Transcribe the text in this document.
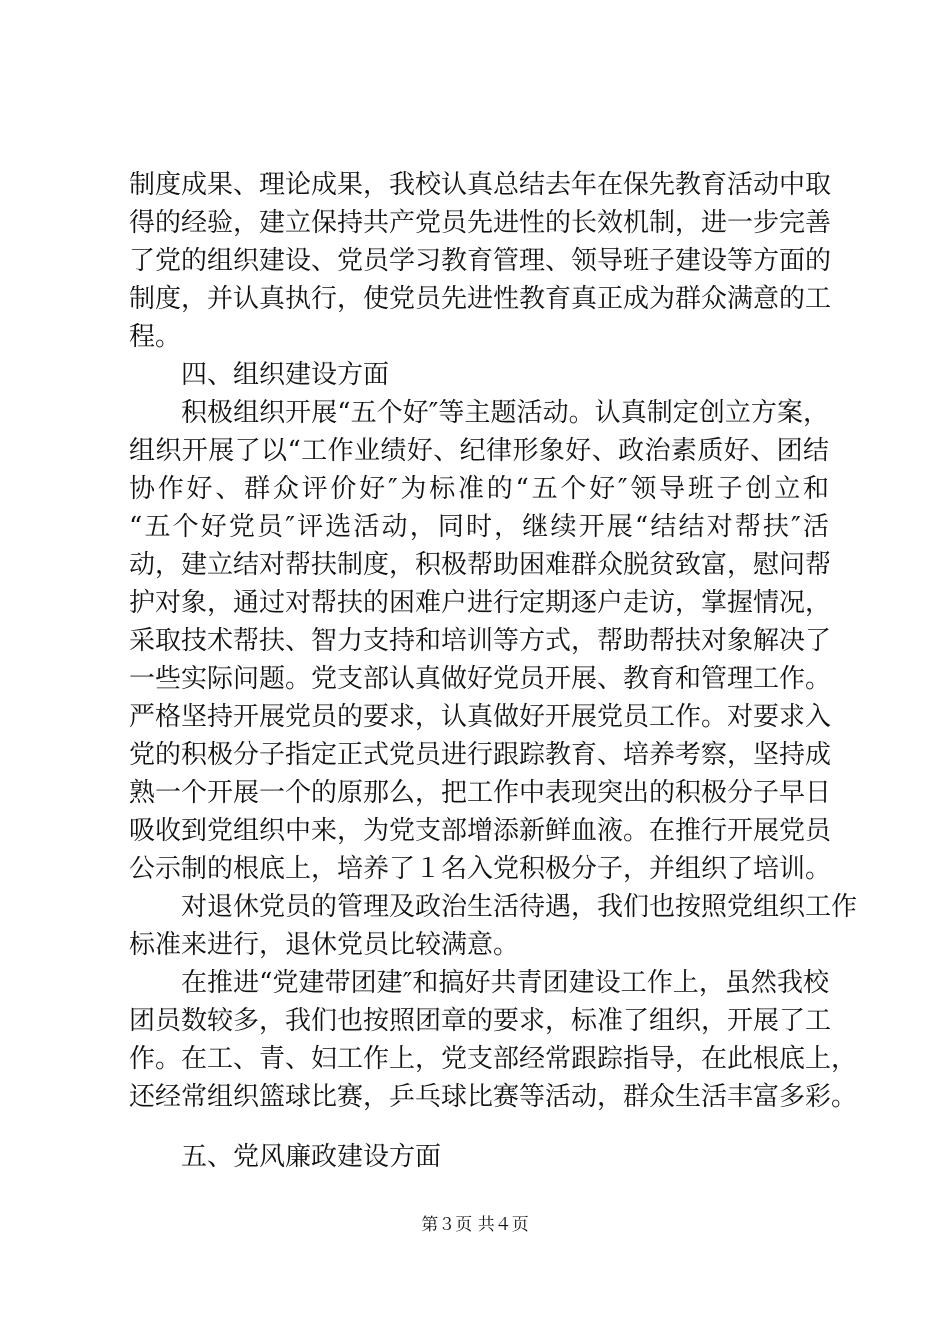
制度成果、理论成果，我校认真总结去年在保先教育活动中取
得的经验，建立保持共产党员先进性的长效机制，进一步完善
了党的组织建设、党员学习教育管理、领导班子建设等方面的
制度，并认真执行，使党员先进性教育真正成为群众满意的工
程。
四、组织建设方面
积极组织开展“五个好″等主题活动。认真制定创立方案，
组织开展了以“工作业绩好、纪律形象好、政治素质好、团结
协作好、群众评价好″为标准的“五个好″领导班子创立和
“五个好党员″评选活动，同时，继续开展“结结对帮扶″活
动，建立结对帮扶制度，积极帮助困难群众脱贫致富，慰问帮
护对象，通过对帮扶的困难户进行定期逐户走访，掌握情况，
采取技术帮扶、智力支持和培训等方式，帮助帮扶对象解决了
一些实际问题。党支部认真做好党员开展、教育和管理工作。
严格坚持开展党员的要求，认真做好开展党员工作。对要求入
党的积极分子指定正式党员进行跟踪教育、培养考察，坚持成
熟一个开展一个的原那么，把工作中表现突出的积极分子早日
吸收到党组织中来，为党支部增添新鲜血液。在推行开展党员
公示制的根底上，培养了１名入党积极分子，并组织了培训。
对退休党员的管理及政治生活待遇，我们也按照党组织工作
标准来进行，退休党员比较满意。
在推进“党建带团建″和搞好共青团建设工作上，虽然我校
团员数较多，我们也按照团章的要求，标准了组织，开展了工
作。在工、青、妇工作上，党支部经常跟踪指导，在此根底上，
还经常组织篮球比赛，乒乓球比赛等活动，群众生活丰富多彩。
五、党风廉政建设方面
第３页 共４页
